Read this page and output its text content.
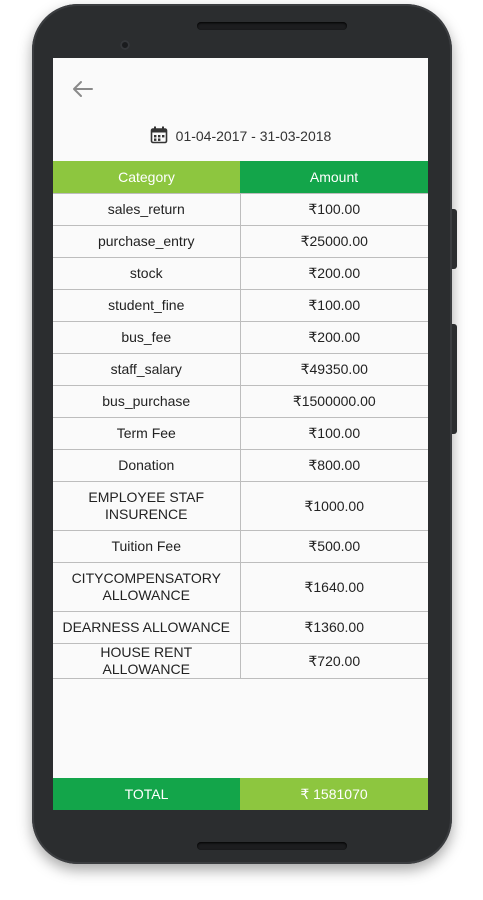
01-04-2017 - 31-03-2018
Category	Amount
sales_return	₹100.00
purchase_entry	₹25000.00
stock	₹200.00
student_fine	₹100.00
bus_fee	₹200.00
staff_salary	₹49350.00
bus_purchase	₹1500000.00
Term Fee	₹100.00
Donation	₹800.00
EMPLOYEE STAF INSURENCE	₹1000.00
Tuition Fee	₹500.00
CITYCOMPENSATORY ALLOWANCE	₹1640.00
DEARNESS ALLOWANCE	₹1360.00
HOUSE RENT ALLOWANCE	₹720.00
TOTAL	₹ 1581070
